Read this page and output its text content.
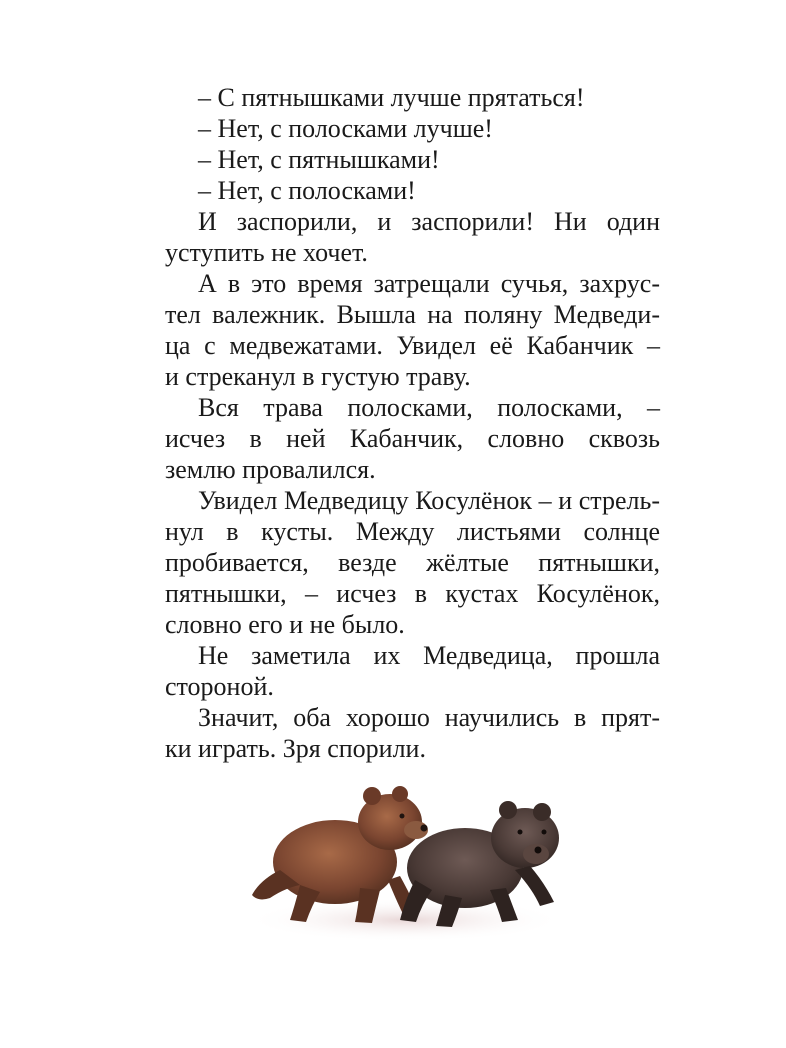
– С пятнышками лучше прятаться!
– Нет, с полосками лучше!
– Нет, с пятнышками!
– Нет, с полосками!
И заспорили, и заспорили! Ни один
уступить не хочет.
А в это время затрещали сучья, захрус-
тел валежник. Вышла на поляну Медведи-
ца с медвежатами. Увидел её Кабанчик –
и стреканул в густую траву.
Вся трава полосками, полосками, –
исчез в ней Кабанчик, словно сквозь
землю провалился.
Увидел Медведицу Косулёнок – и стрель-
нул в кусты. Между листьями солнце
пробивается, везде жёлтые пятнышки,
пятнышки, – исчез в кустах Косулёнок,
словно его и не было.
Не заметила их Медведица, прошла
стороной.
Значит, оба хорошо научились в прят-
ки играть. Зря спорили.
